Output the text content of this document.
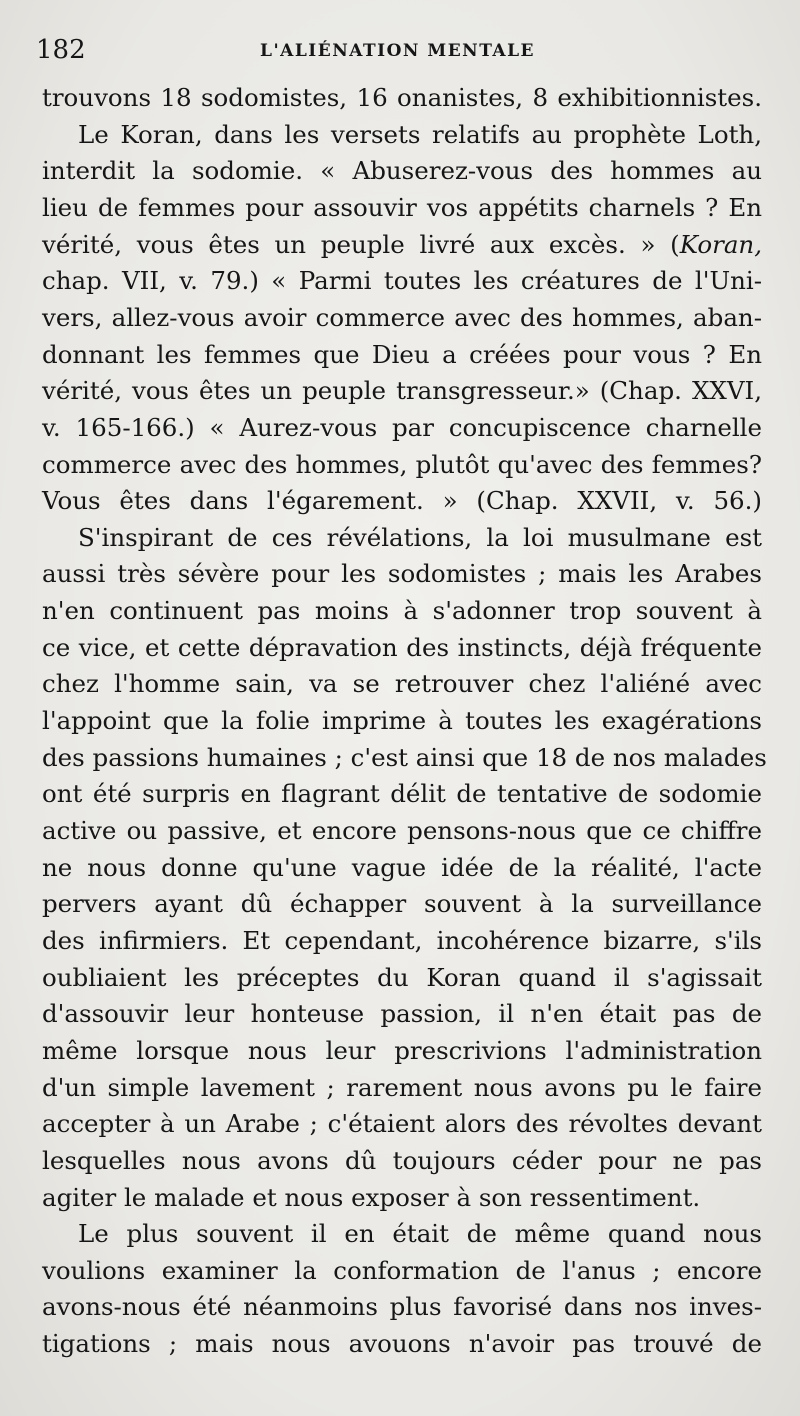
182	L'ALIÉNATION MENTALE

trouvons 18 sodomistes, 16 onanistes, 8 exhibitionnistes.

Le Koran, dans les versets relatifs au prophète Loth,

interdit la sodomie. « Abuserez-vous des hommes au

lieu de femmes pour assouvir vos appétits charnels ? En

vérité, vous êtes un peuple livré aux excès. » (Koran,

chap. VII, v. 79.) « Parmi toutes les créatures de l'Uni-

vers, allez-vous avoir commerce avec des hommes, aban-

donnant les femmes que Dieu a créées pour vous ? En

vérité, vous êtes un peuple transgresseur.» (Chap. XXVI,

v. 165-166.) « Aurez-vous par concupiscence charnelle

commerce avec des hommes, plutôt qu'avec des femmes?

Vous êtes dans l'égarement. » (Chap. XXVII, v. 56.)

S'inspirant de ces révélations, la loi musulmane est

aussi très sévère pour les sodomistes ; mais les Arabes

n'en continuent pas moins à s'adonner trop souvent à

ce vice, et cette dépravation des instincts, déjà fréquente

chez l'homme sain, va se retrouver chez l'aliéné avec

l'appoint que la folie imprime à toutes les exagérations

des passions humaines ; c'est ainsi que 18 de nos malades

ont été surpris en flagrant délit de tentative de sodomie

active ou passive, et encore pensons-nous que ce chiffre

ne nous donne qu'une vague idée de la réalité, l'acte

pervers ayant dû échapper souvent à la surveillance

des infirmiers. Et cependant, incohérence bizarre, s'ils

oubliaient les préceptes du Koran quand il s'agissait

d'assouvir leur honteuse passion, il n'en était pas de

même lorsque nous leur prescrivions l'administration

d'un simple lavement ; rarement nous avons pu le faire

accepter à un Arabe ; c'étaient alors des révoltes devant

lesquelles nous avons dû toujours céder pour ne pas

agiter le malade et nous exposer à son ressentiment.

Le plus souvent il en était de même quand nous

voulions examiner la conformation de l'anus ; encore

avons-nous été néanmoins plus favorisé dans nos inves-

tigations ; mais nous avouons n'avoir pas trouvé de
